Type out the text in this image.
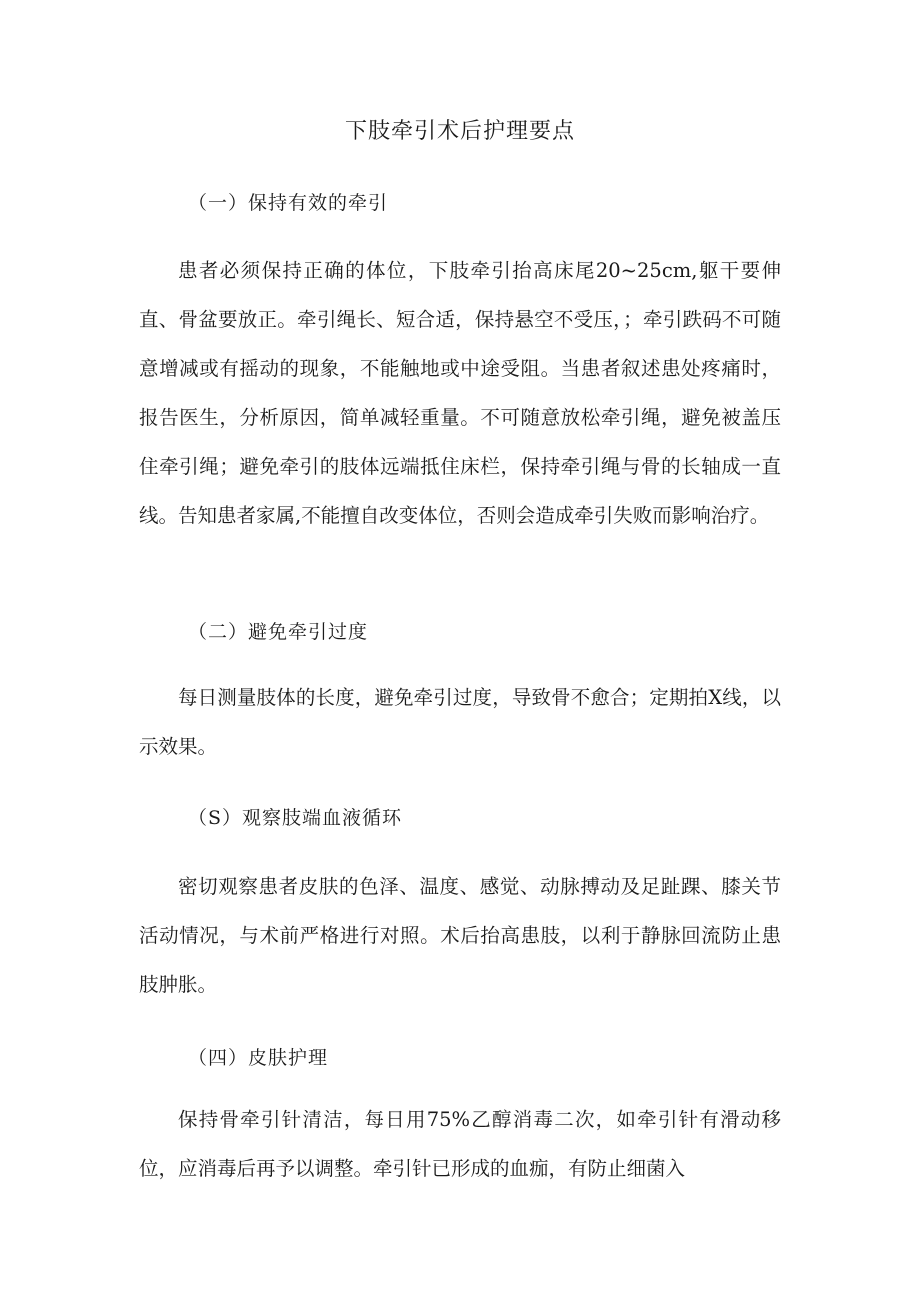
下肢牵引术后护理要点
（一）保持有效的牵引

患者必须保持正确的体位，下肢牵引抬高床尾20~25cm,躯干要伸直、骨盆要放正。牵引绳长、短合适，保持悬空不受压，；牵引跌码不可随意增减或有摇动的现象，不能触地或中途受阻。当患者叙述患处疼痛时，报告医生，分析原因，简单减轻重量。不可随意放松牵引绳，避免被盖压住牵引绳；避免牵引的肢体远端抵住床栏，保持牵引绳与骨的长轴成一直线。告知患者家属,不能擅自改变体位，否则会造成牵引失败而影响治疗。

（二）避免牵引过度

每日测量肢体的长度，避免牵引过度，导致骨不愈合；定期拍X线，以示效果。

（S）观察肢端血液循环

密切观察患者皮肤的色泽、温度、感觉、动脉搏动及足趾踝、膝关节活动情况，与术前严格进行对照。术后抬高患肢，以利于静脉回流防止患肢肿胀。

（四）皮肤护理

保持骨牵引针清洁，每日用75%乙醇消毒二次，如牵引针有滑动移位，应消毒后再予以调整。牵引针已形成的血痂，有防止细菌入
